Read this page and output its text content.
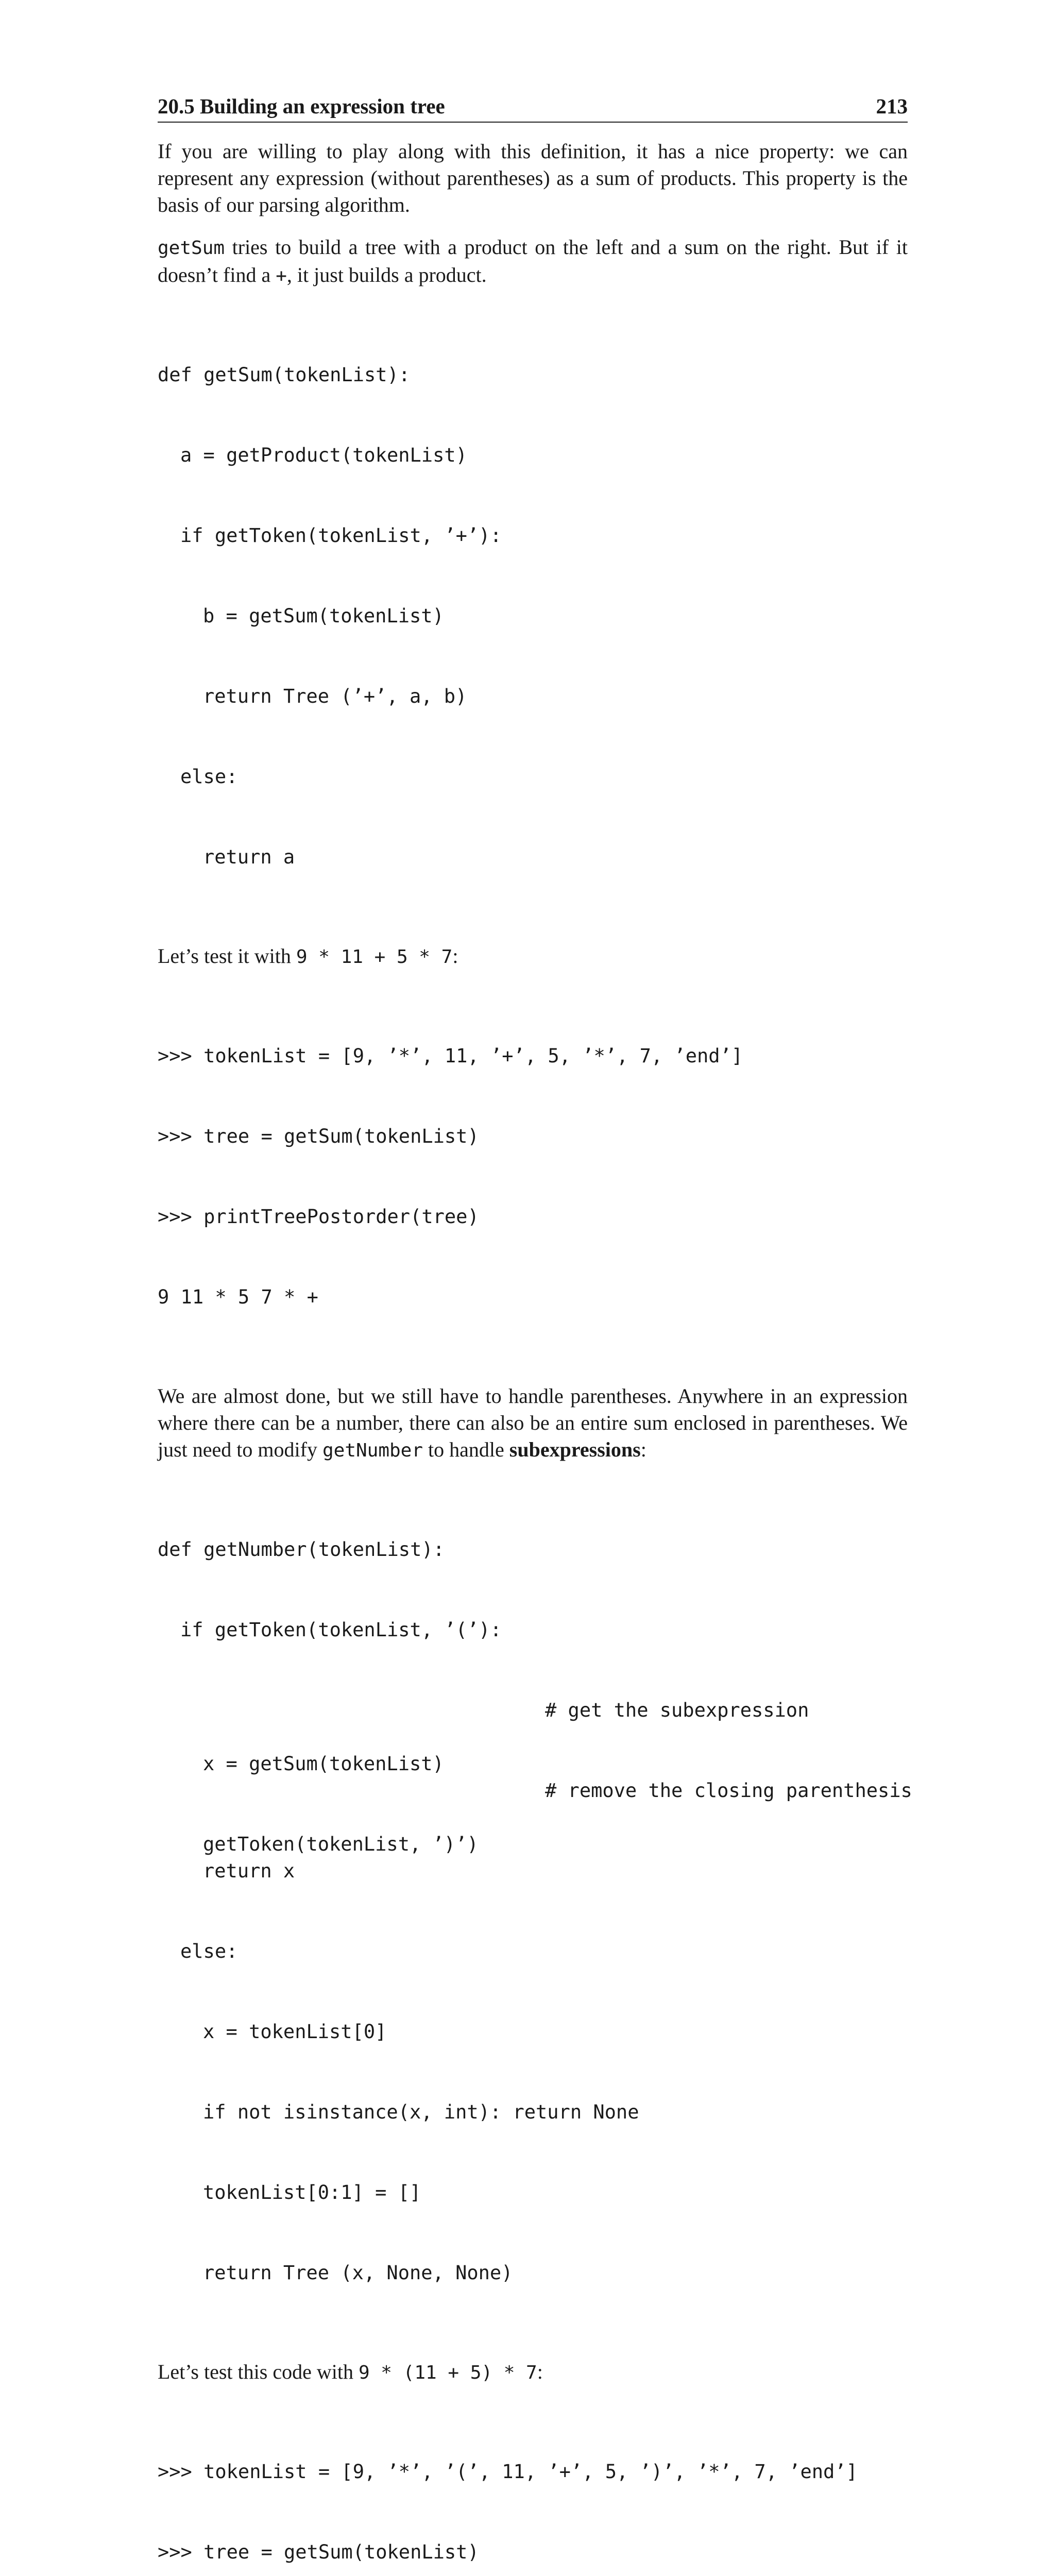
20.5 Building an expression tree	213

If you are willing to play along with this definition, it has a nice property: we can represent any expression (without parentheses) as a sum of products. This property is the basis of our parsing algorithm.

getSum tries to build a tree with a product on the left and a sum on the right. But if it doesn’t find a +, it just builds a product.

def getSum(tokenList):

a = getProduct(tokenList)

if getToken(tokenList, ’+’):

b = getSum(tokenList)

return Tree (’+’, a, b)

else:

return a

Let’s test it with 9 * 11 + 5 * 7:

>>> tokenList = [9, ’*’, 11, ’+’, 5, ’*’, 7, ’end’]

>>> tree = getSum(tokenList)

>>> printTreePostorder(tree)

9 11 * 5 7 * +

We are almost done, but we still have to handle parentheses. Anywhere in an expression where there can be a number, there can also be an entire sum enclosed in parentheses. We just need to modify getNumber to handle subexpressions:

def getNumber(tokenList):

if getToken(tokenList, ’(’):

x = getSum(tokenList)

# get the subexpression

getToken(tokenList, ’)’)

# remove the closing parenthesis

return x

else:

x = tokenList[0]

if not isinstance(x, int): return None

tokenList[0:1] = []

return Tree (x, None, None)

Let’s test this code with 9 * (11 + 5) * 7:

>>> tokenList = [9, ’*’, ’(’, 11, ’+’, 5, ’)’, ’*’, 7, ’end’]

>>> tree = getSum(tokenList)
